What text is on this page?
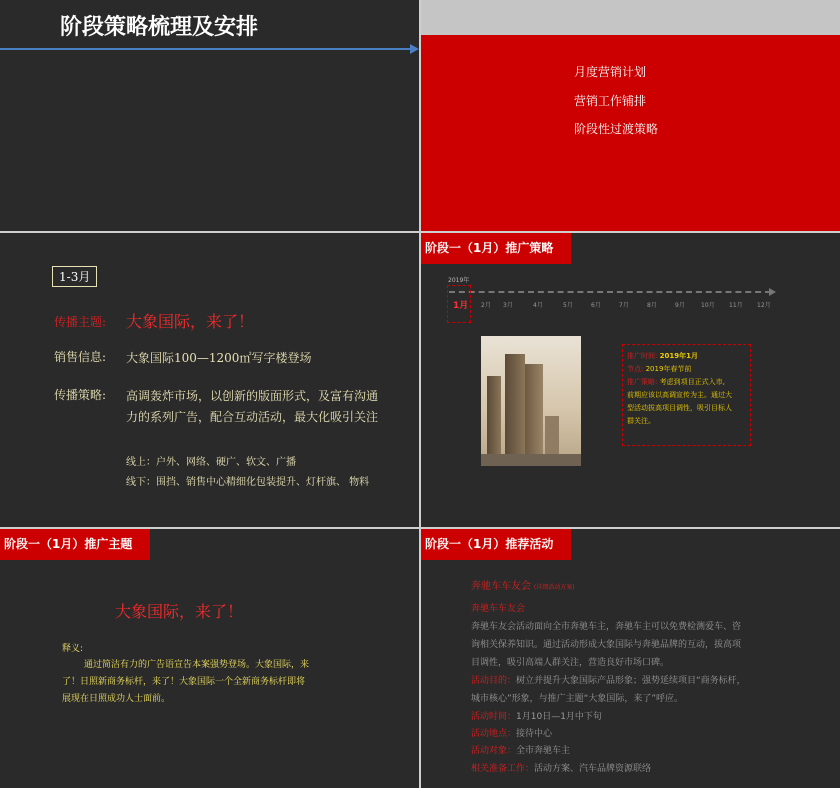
阶段策略梳理及安排
月度营销计划
营销工作铺排
阶段性过渡策略
1-3月
传播主题: 大象国际，来了！
销售信息: 大象国际100—1200㎡写字楼登场
传播策略: 高调轰炸市场，以创新的版面形式，及富有沟通
力的系列广告，配合互动活动，最大化吸引关注
线上：户外、网络、硬广、软文、广播
线下：围挡、销售中心精细化包装提升、灯杆旗、 物料
阶段一（1月）推广策略
2019年
1月 2月 3月	4月	5月	6月	7月	8月	9月	10月 11月 12月
推广时间: 2019年1月
节点: 2019年春节前
推广策略: 考虑到项目正式入市,
前期应该以高调宣传为主。通过大
型活动拔高项目调性，吸引目标人
群关注。
阶段一（1月）推广主题
大象国际，来了！
释义:
通过简洁有力的广告语宣告本案强势登场。大象国际，来
了！日照新商务标杆，来了！大象国际一个全新商务标杆即将
展现在日照成功人士面前。
阶段一（1月）推荐活动
奔驰车车友会 (详细活动方案)
奔驰车车友会
奔驰车友会活动面向全市奔驰车主，奔驰车主可以免费检测爱车、咨
询相关保养知识。通过活动形成大象国际与奔驰品牌的互动，拔高项
目调性，吸引高端人群关注，营造良好市场口碑。
活动目的：树立并提升大象国际产品形象；强势延续项目“商务标杆，
城市核心”形象，与推广主题“大象国际，来了”呼应。
活动时间：1月10日—1月中下旬
活动地点：接待中心
活动对象：全市奔驰车主
相关准备工作：活动方案、汽车品牌资源联络
